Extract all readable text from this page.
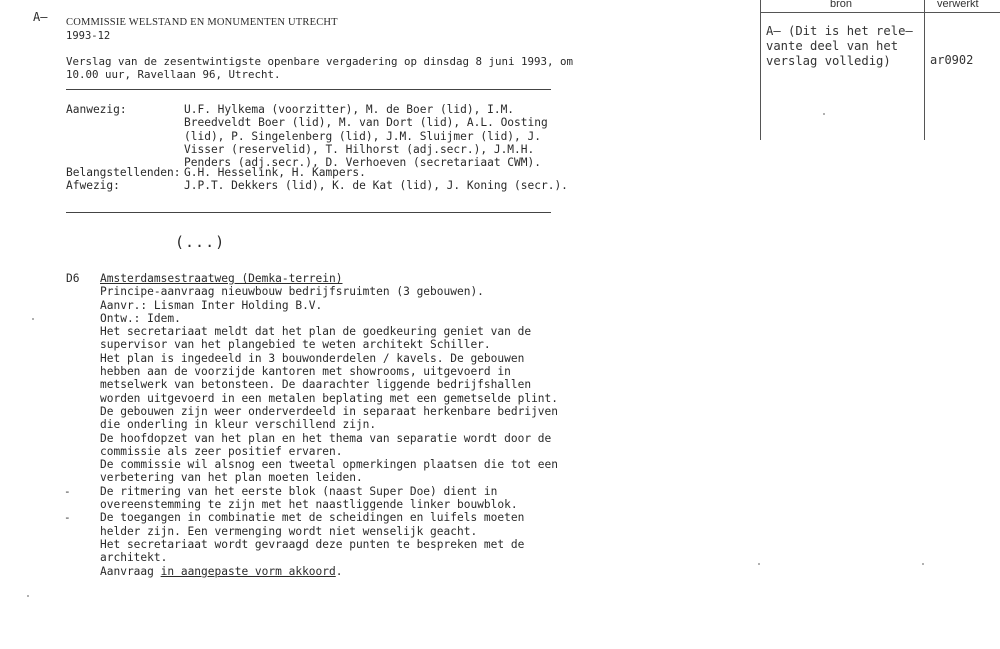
A— COMMISSIE WELSTAND EN MONUMENTEN UTRECHT
1993-12
Verslag van de zesentwintigste openbare vergadering op dinsdag 8 juni 1993, om
10.00 uur, Ravellaan 96, Utrecht.
Aanwezig:	U.F. Hylkema (voorzitter), M. de Boer (lid), I.M.
Breedveldt Boer (lid), M. van Dort (lid), A.L. Oosting
(lid), P. Singelenberg (lid), J.M. Sluijmer (lid), J.
Visser (reservelid), T. Hilhorst (adj.secr.), J.M.H.
Penders (adj.secr.), D. Verhoeven (secretariaat CWM).
Belangstellenden: G.H. Hesselink, H. Kampers.
Afwezig:	J.P.T. Dekkers (lid), K. de Kat (lid), J. Koning (secr.).
(...)
D6 Amsterdamsestraatweg (Demka-terrein)
Principe-aanvraag nieuwbouw bedrijfsruimten (3 gebouwen).
Aanvr.: Lisman Inter Holding B.V.
Ontw.: Idem.
Het secretariaat meldt dat het plan de goedkeuring geniet van de
supervisor van het plangebied te weten architekt Schiller.
Het plan is ingedeeld in 3 bouwonderdelen / kavels. De gebouwen
hebben aan de voorzijde kantoren met showrooms, uitgevoerd in
metselwerk van betonsteen. De daarachter liggende bedrijfshallen
worden uitgevoerd in een metalen beplating met een gemetselde plint.
De gebouwen zijn weer onderverdeeld in separaat herkenbare bedrijven
die onderling in kleur verschillend zijn.
De hoofdopzet van het plan en het thema van separatie wordt door de
commissie als zeer positief ervaren.
De commissie wil alsnog een tweetal opmerkingen plaatsen die tot een
verbetering van het plan moeten leiden.
De ritmering van het eerste blok (naast Super Doe) dient in
overeenstemming te zijn met het naastliggende linker bouwblok.
De toegangen in combinatie met de scheidingen en luifels moeten
helder zijn. Een vermenging wordt niet wenselijk geacht.
Het secretariaat wordt gevraagd deze punten te bespreken met de
architekt.
Aanvraag in aangepaste vorm akkoord.
-
-
bron	verwerkt
A— (Dit is het rele—
vante deel van het
verslag volledig)	ar0902
